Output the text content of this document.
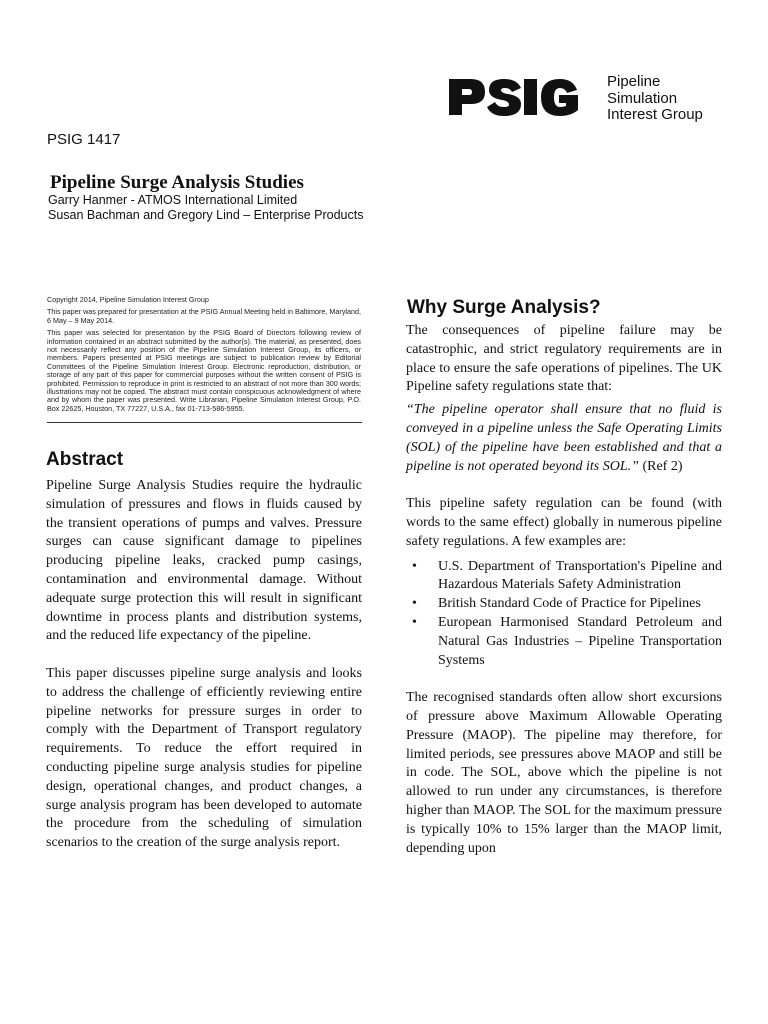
Pipeline
Simulation
Interest Group
PSIG 1417
Pipeline Surge Analysis Studies
Garry Hanmer - ATMOS International Limited
Susan Bachman and Gregory Lind – Enterprise Products

Copyright 2014, Pipeline Simulation Interest Group

This paper was prepared for presentation at the PSIG Annual Meeting held in Baltimore, Maryland, 6 May – 9 May 2014.

This paper was selected for presentation by the PSIG Board of Directors following review of information contained in an abstract submitted by the author(s). The material, as presented, does not necessarily reflect any position of the Pipeline Simulation Interest Group, its officers, or members. Papers presented at PSIG meetings are subject to publication review by Editorial Committees of the Pipeline Simulation Interest Group. Electronic reproduction, distribution, or storage of any part of this paper for commercial purposes without the written consent of PSIG is prohibited. Permission to reproduce in print is restricted to an abstract of not more than 300 words; illustrations may not be copied. The abstract must contain conspicuous acknowledgment of where and by whom the paper was presented. Write Librarian, Pipeline Simulation Interest Group, P.O. Box 22625, Houston, TX 77227, U.S.A., fax 01-713-586-5955.

Abstract

Pipeline Surge Analysis Studies require the hydraulic simulation of pressures and flows in fluids caused by the transient operations of pumps and valves. Pressure surges can cause significant damage to pipelines producing pipeline leaks, cracked pump casings, contamination and environmental damage. Without adequate surge protection this will result in significant downtime in process plants and distribution systems, and the reduced life expectancy of the pipeline.

This paper discusses pipeline surge analysis and looks to address the challenge of efficiently reviewing entire pipeline networks for pressure surges in order to comply with the Department of Transport regulatory requirements. To reduce the effort required in conducting pipeline surge analysis studies for pipeline design, operational changes, and product changes, a surge analysis program has been developed to automate the procedure from the scheduling of simulation scenarios to the creation of the surge analysis report.

Why Surge Analysis?

The consequences of pipeline failure may be catastrophic, and strict regulatory requirements are in place to ensure the safe operations of pipelines. The UK Pipeline safety regulations state that:

“The pipeline operator shall ensure that no fluid is conveyed in a pipeline unless the Safe Operating Limits (SOL) of the pipeline have been established and that a pipeline is not operated beyond its SOL.” (Ref 2)

This pipeline safety regulation can be found (with words to the same effect) globally in numerous pipeline safety regulations. A few examples are:

• U.S. Department of Transportation's Pipeline and Hazardous Materials Safety Administration
• British Standard Code of Practice for Pipelines
• European Harmonised Standard Petroleum and Natural Gas Industries – Pipeline Transportation Systems

The recognised standards often allow short excursions of pressure above Maximum Allowable Operating Pressure (MAOP). The pipeline may therefore, for limited periods, see pressures above MAOP and still be in code. The SOL, above which the pipeline is not allowed to run under any circumstances, is therefore higher than MAOP. The SOL for the maximum pressure is typically 10% to 15% larger than the MAOP limit, depending upon
